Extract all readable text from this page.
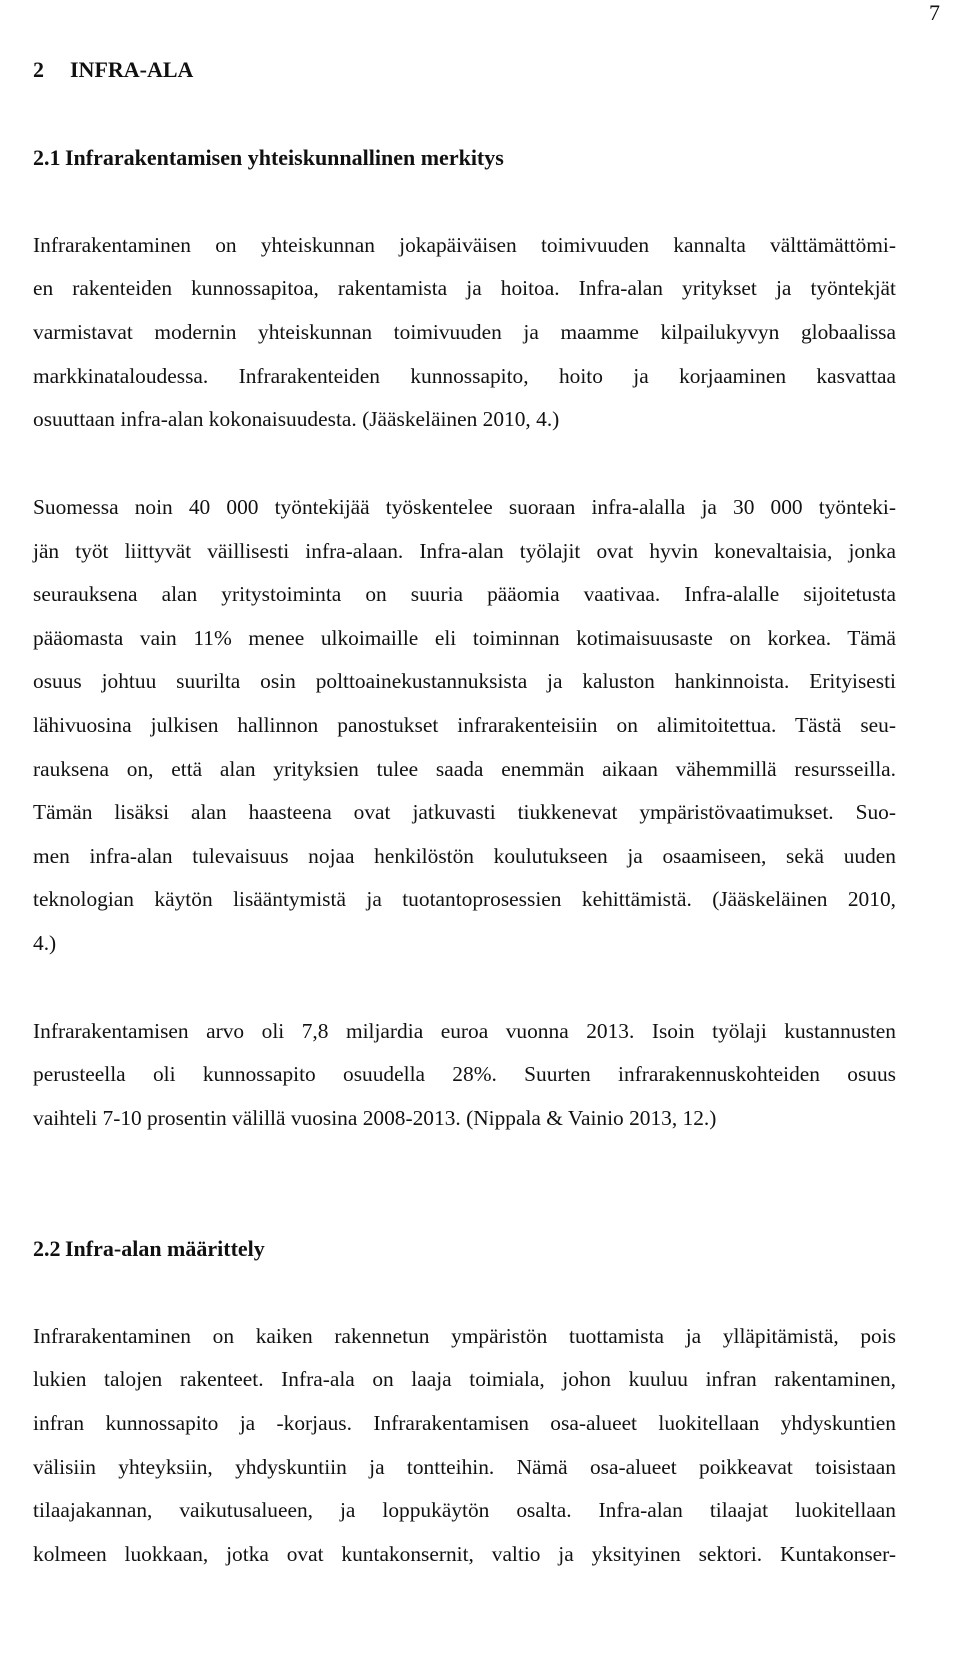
7
2 INFRA-ALA
2.1 Infrarakentamisen yhteiskunnallinen merkitys
Infrarakentaminen on yhteiskunnan jokapäiväisen toimivuuden kannalta välttämättömi-
en rakenteiden kunnossapitoa, rakentamista ja hoitoa. Infra-alan yritykset ja työntekjät
varmistavat modernin yhteiskunnan toimivuuden ja maamme kilpailukyvyn globaalissa
markkinataloudessa. Infrarakenteiden kunnossapito, hoito ja korjaaminen kasvattaa
osuuttaan infra-alan kokonaisuudesta. (Jääskeläinen 2010, 4.)
Suomessa noin 40 000 työntekijää työskentelee suoraan infra-alalla ja 30 000 työnteki-
jän työt liittyvät väillisesti infra-alaan. Infra-alan työlajit ovat hyvin konevaltaisia, jonka
seurauksena alan yritystoiminta on suuria pääomia vaativaa. Infra-alalle sijoitetusta
pääomasta vain 11% menee ulkoimaille eli toiminnan kotimaisuusaste on korkea. Tämä
osuus johtuu suurilta osin polttoainekustannuksista ja kaluston hankinnoista. Erityisesti
lähivuosina julkisen hallinnon panostukset infrarakenteisiin on alimitoitettua. Tästä seu-
rauksena on, että alan yrityksien tulee saada enemmän aikaan vähemmillä resursseilla.
Tämän lisäksi alan haasteena ovat jatkuvasti tiukkenevat ympäristövaatimukset. Suo-
men infra-alan tulevaisuus nojaa henkilöstön koulutukseen ja osaamiseen, sekä uuden
teknologian käytön lisääntymistä ja tuotantoprosessien kehittämistä. (Jääskeläinen 2010,
4.)
Infrarakentamisen arvo oli 7,8 miljardia euroa vuonna 2013. Isoin työlaji kustannusten
perusteella oli kunnossapito osuudella 28%. Suurten infrarakennuskohteiden osuus
vaihteli 7-10 prosentin välillä vuosina 2008-2013. (Nippala & Vainio 2013, 12.)
2.2 Infra-alan määrittely
Infrarakentaminen on kaiken rakennetun ympäristön tuottamista ja ylläpitämistä, pois
lukien talojen rakenteet. Infra-ala on laaja toimiala, johon kuuluu infran rakentaminen,
infran kunnossapito ja -korjaus. Infrarakentamisen osa-alueet luokitellaan yhdyskuntien
välisiin yhteyksiin, yhdyskuntiin ja tontteihin. Nämä osa-alueet poikkeavat toisistaan
tilaajakannan, vaikutusalueen, ja loppukäytön osalta. Infra-alan tilaajat luokitellaan
kolmeen luokkaan, jotka ovat kuntakonsernit, valtio ja yksityinen sektori. Kuntakonser-
